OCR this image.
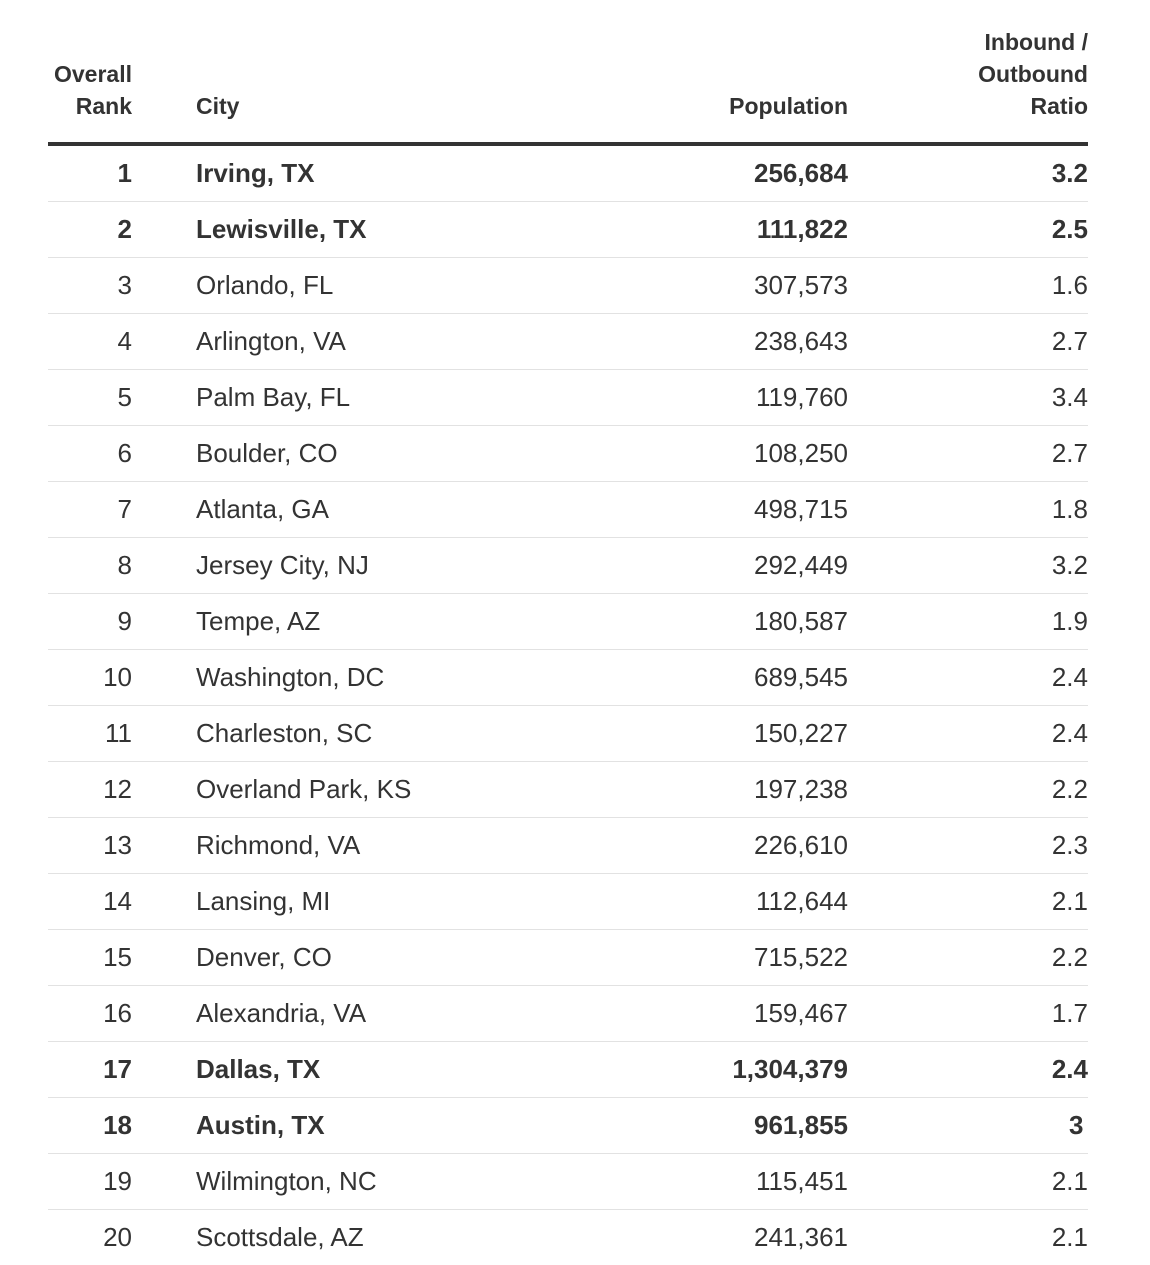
Overall
Rank	City	Population	Inbound /
Outbound
Ratio

1	Irving, TX	256,684	3.2
2	Lewisville, TX	111,822	2.5
3	Orlando, FL	307,573	1.6
4	Arlington, VA	238,643	2.7
5	Palm Bay, FL	119,760	3.4
6	Boulder, CO	108,250	2.7
7	Atlanta, GA	498,715	1.8
8	Jersey City, NJ	292,449	3.2
9	Tempe, AZ	180,587	1.9
10	Washington, DC	689,545	2.4
11	Charleston, SC	150,227	2.4
12	Overland Park, KS	197,238	2.2
13	Richmond, VA	226,610	2.3
14	Lansing, MI	112,644	2.1
15	Denver, CO	715,522	2.2
16	Alexandria, VA	159,467	1.7
17	Dallas, TX	1,304,379	2.4
18	Austin, TX	961,855	3
19	Wilmington, NC	115,451	2.1
20	Scottsdale, AZ	241,361	2.1
